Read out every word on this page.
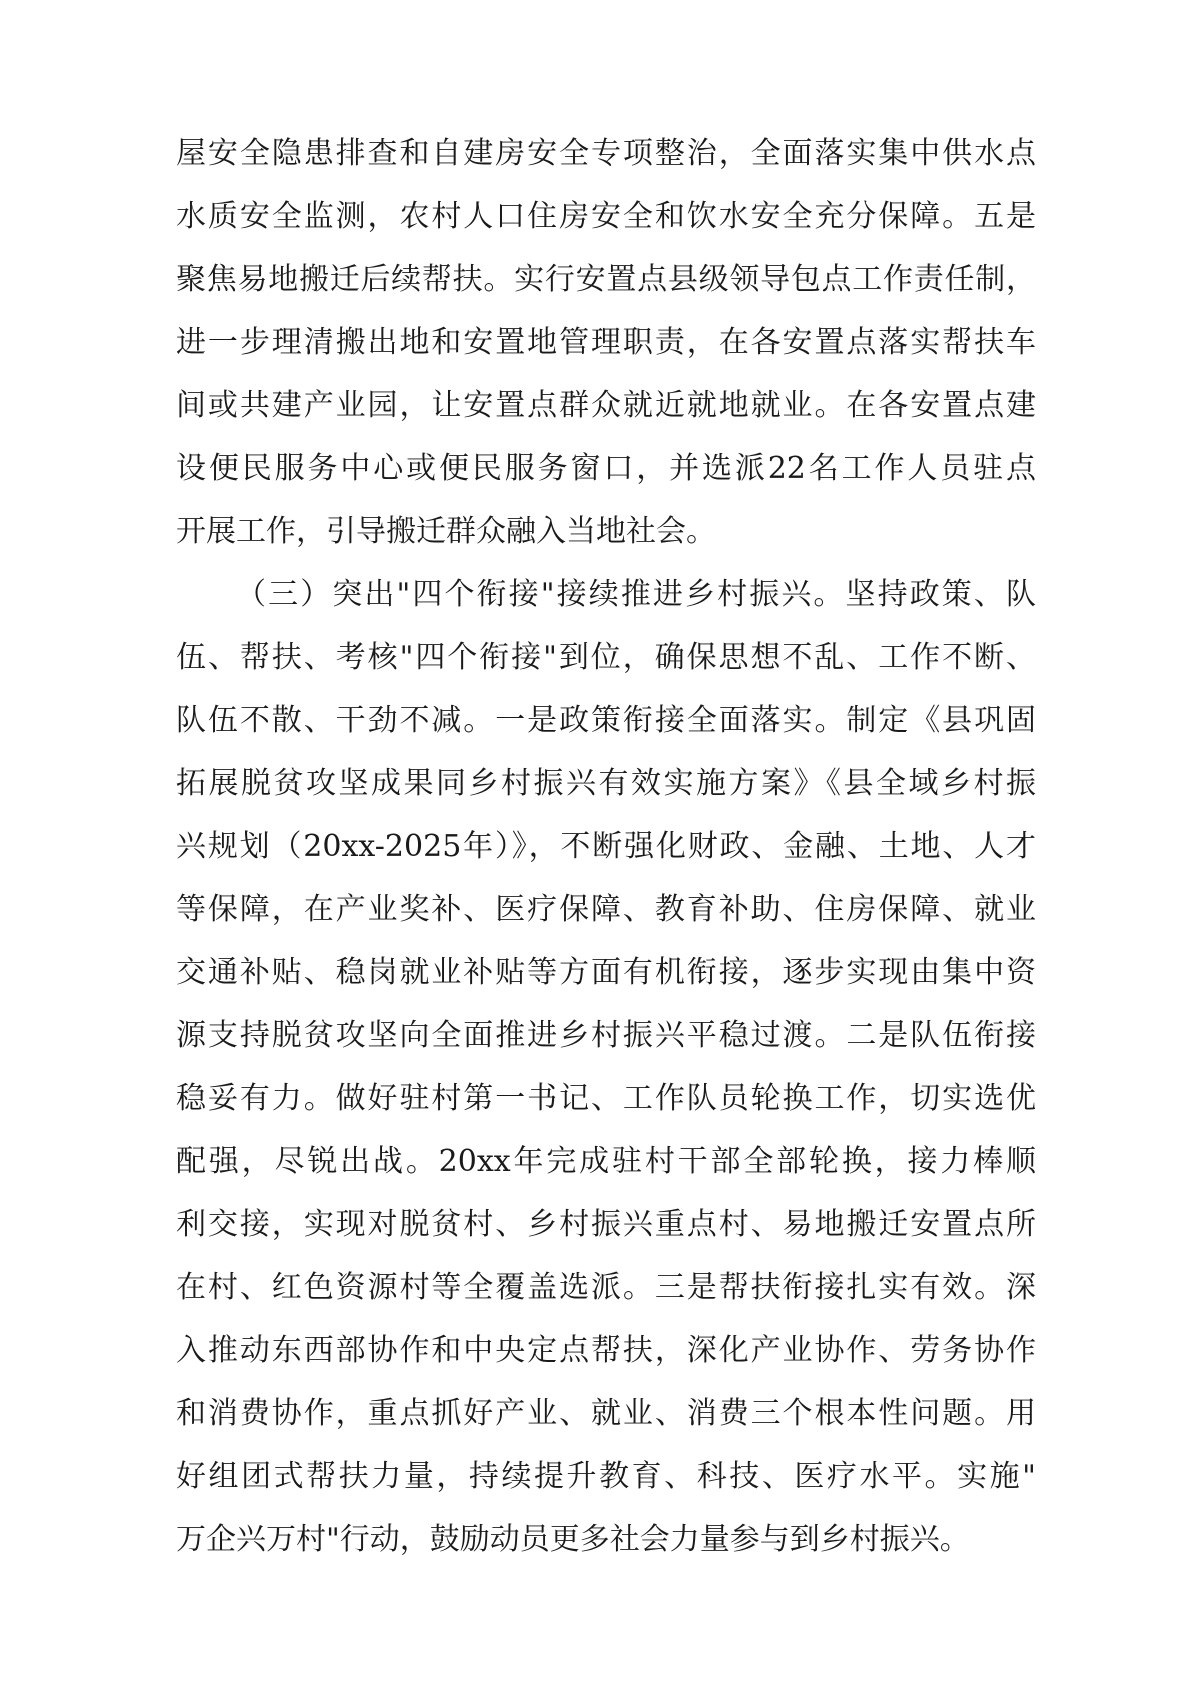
屋安全隐患排查和自建房安全专项整治，全面落实集中供水点
水质安全监测，农村人口住房安全和饮水安全充分保障。五是
聚焦易地搬迁后续帮扶。实行安置点县级领导包点工作责任制，
进一步理清搬出地和安置地管理职责，在各安置点落实帮扶车
间或共建产业园，让安置点群众就近就地就业。在各安置点建
设便民服务中心或便民服务窗口，并选派22名工作人员驻点
开展工作，引导搬迁群众融入当地社会。
（三）突出"四个衔接"接续推进乡村振兴。坚持政策、队
伍、帮扶、考核"四个衔接"到位，确保思想不乱、工作不断、
队伍不散、干劲不减。一是政策衔接全面落实。制定《县巩固
拓展脱贫攻坚成果同乡村振兴有效实施方案》《县全域乡村振
兴规划（20xx-2025年）》，不断强化财政、金融、土地、人才
等保障，在产业奖补、医疗保障、教育补助、住房保障、就业
交通补贴、稳岗就业补贴等方面有机衔接，逐步实现由集中资
源支持脱贫攻坚向全面推进乡村振兴平稳过渡。二是队伍衔接
稳妥有力。做好驻村第一书记、工作队员轮换工作，切实选优
配强，尽锐出战。20xx年完成驻村干部全部轮换，接力棒顺
利交接，实现对脱贫村、乡村振兴重点村、易地搬迁安置点所
在村、红色资源村等全覆盖选派。三是帮扶衔接扎实有效。深
入推动东西部协作和中央定点帮扶，深化产业协作、劳务协作
和消费协作，重点抓好产业、就业、消费三个根本性问题。用
好组团式帮扶力量，持续提升教育、科技、医疗水平。实施"
万企兴万村"行动，鼓励动员更多社会力量参与到乡村振兴。
